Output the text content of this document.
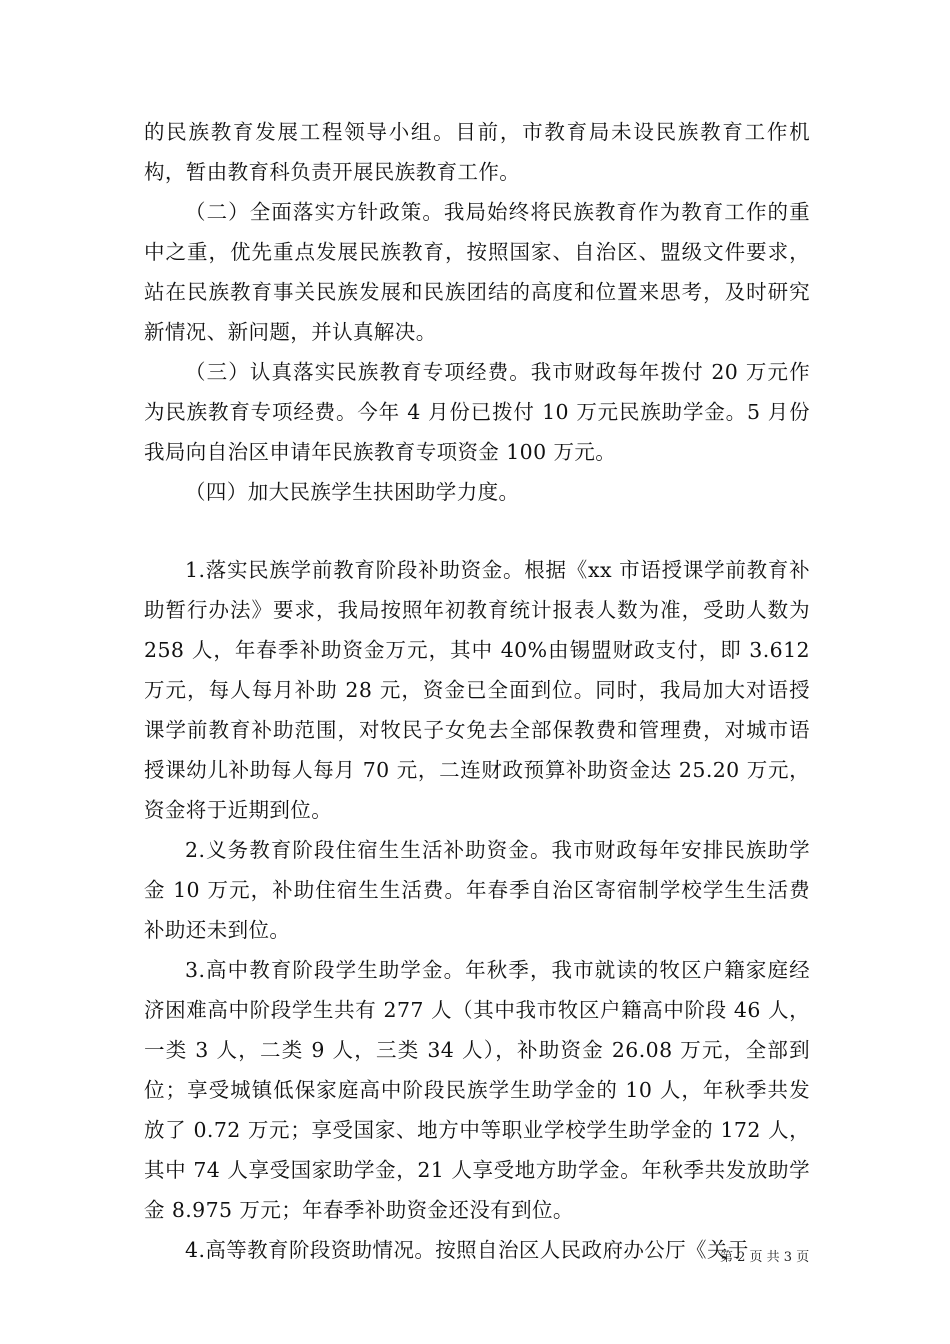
的民族教育发展工程领导小组。目前，市教育局未设民族教育工作机构，暂由教育科负责开展民族教育工作。

（二）全面落实方针政策。我局始终将民族教育作为教育工作的重中之重，优先重点发展民族教育，按照国家、自治区、盟级文件要求，站在民族教育事关民族发展和民族团结的高度和位置来思考，及时研究新情况、新问题，并认真解决。

（三）认真落实民族教育专项经费。我市财政每年拨付 20 万元作为民族教育专项经费。今年 4 月份已拨付 10 万元民族助学金。5 月份我局向自治区申请年民族教育专项资金 100 万元。

（四）加大民族学生扶困助学力度。

1.落实民族学前教育阶段补助资金。根据《xx 市语授课学前教育补助暂行办法》要求，我局按照年初教育统计报表人数为准，受助人数为 258 人，年春季补助资金万元，其中 40%由锡盟财政支付，即 3.612 万元，每人每月补助 28 元，资金已全面到位。同时，我局加大对语授课学前教育补助范围，对牧民子女免去全部保教费和管理费，对城市语授课幼儿补助每人每月 70 元，二连财政预算补助资金达 25.20 万元，资金将于近期到位。

2.义务教育阶段住宿生生活补助资金。我市财政每年安排民族助学金 10 万元，补助住宿生生活费。年春季自治区寄宿制学校学生生活费补助还未到位。

3.高中教育阶段学生助学金。年秋季，我市就读的牧区户籍家庭经济困难高中阶段学生共有 277 人（其中我市牧区户籍高中阶段 46 人，一类 3 人，二类 9 人，三类 34 人），补助资金 26.08 万元，全部到位；享受城镇低保家庭高中阶段民族学生助学金的 10 人，年秋季共发放了 0.72 万元；享受国家、地方中等职业学校学生助学金的 172 人，其中 74 人享受国家助学金，21 人享受地方助学金。年秋季共发放助学金 8.975 万元；年春季补助资金还没有到位。

4.高等教育阶段资助情况。按照自治区人民政府办公厅《关于

第 2 页 共 3 页
